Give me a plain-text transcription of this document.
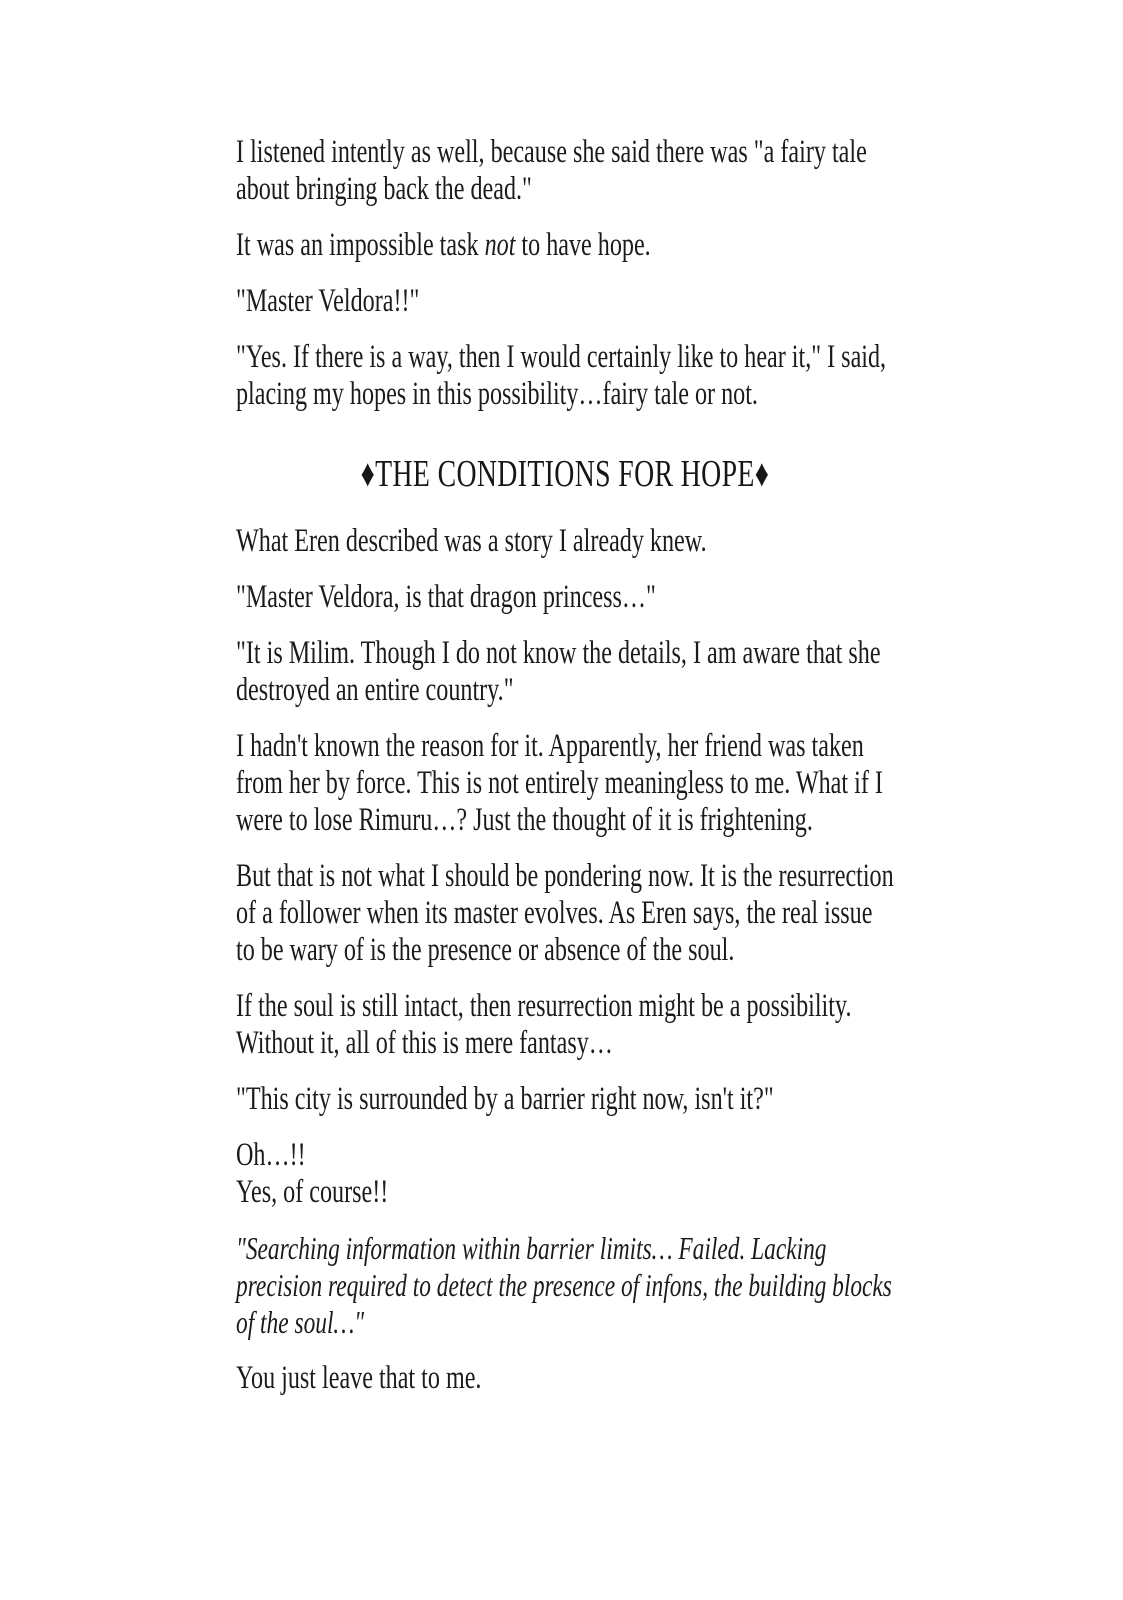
I listened intently as well, because she said there was "a fairy tale about bringing back the dead."

It was an impossible task not to have hope.

"Master Veldora!!"

"Yes. If there is a way, then I would certainly like to hear it," I said, placing my hopes in this possibility…fairy tale or not.

♦THE CONDITIONS FOR HOPE♦

What Eren described was a story I already knew.

"Master Veldora, is that dragon princess…"

"It is Milim. Though I do not know the details, I am aware that she destroyed an entire country."

I hadn't known the reason for it. Apparently, her friend was taken from her by force. This is not entirely meaningless to me. What if I were to lose Rimuru…? Just the thought of it is frightening.

But that is not what I should be pondering now. It is the resurrection of a follower when its master evolves. As Eren says, the real issue to be wary of is the presence or absence of the soul.

If the soul is still intact, then resurrection might be a possibility. Without it, all of this is mere fantasy…

"This city is surrounded by a barrier right now, isn't it?"

Oh…!!
Yes, of course!!

"Searching information within barrier limits… Failed. Lacking precision required to detect the presence of infons, the building blocks of the soul…"

You just leave that to me.
